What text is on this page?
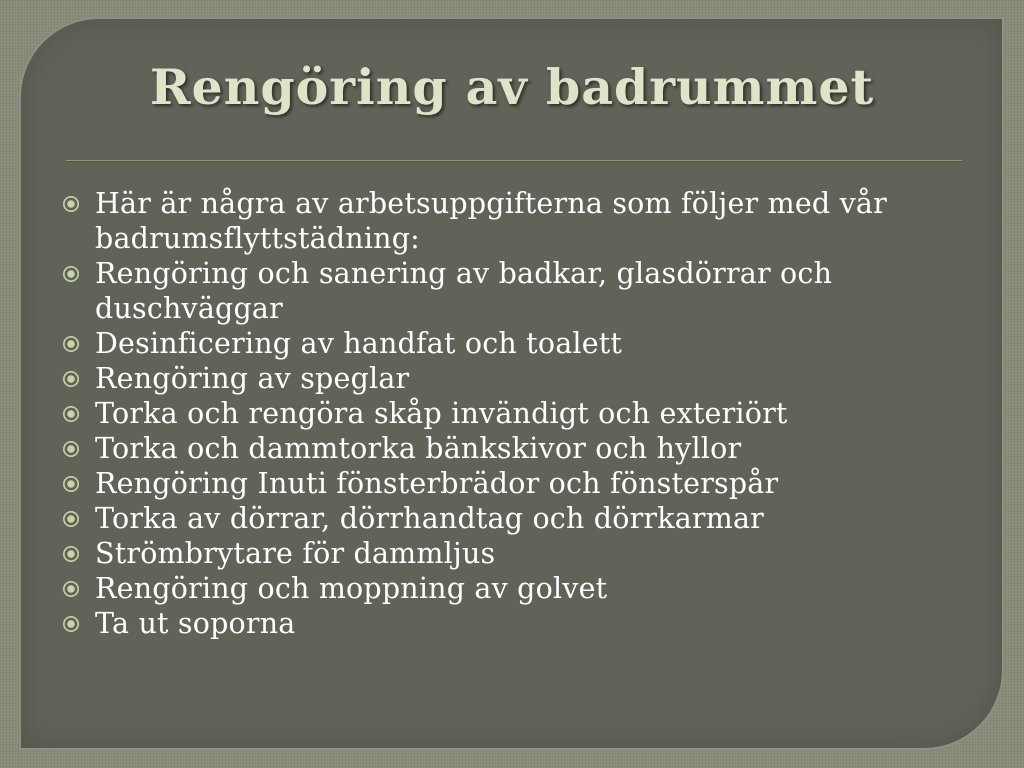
Rengöring av badrummet
Här är några av arbetsuppgifterna som följer med vår badrumsflyttstädning:
Rengöring och sanering av badkar, glasdörrar och duschväggar
Desinficering av handfat och toalett
Rengöring av speglar
Torka och rengöra skåp invändigt och exteriört
Torka och dammtorka bänkskivor och hyllor
Rengöring Inuti fönsterbrädor och fönsterspår
Torka av dörrar, dörrhandtag och dörrkarmar
Strömbrytare för dammljus
Rengöring och moppning av golvet
Ta ut soporna
